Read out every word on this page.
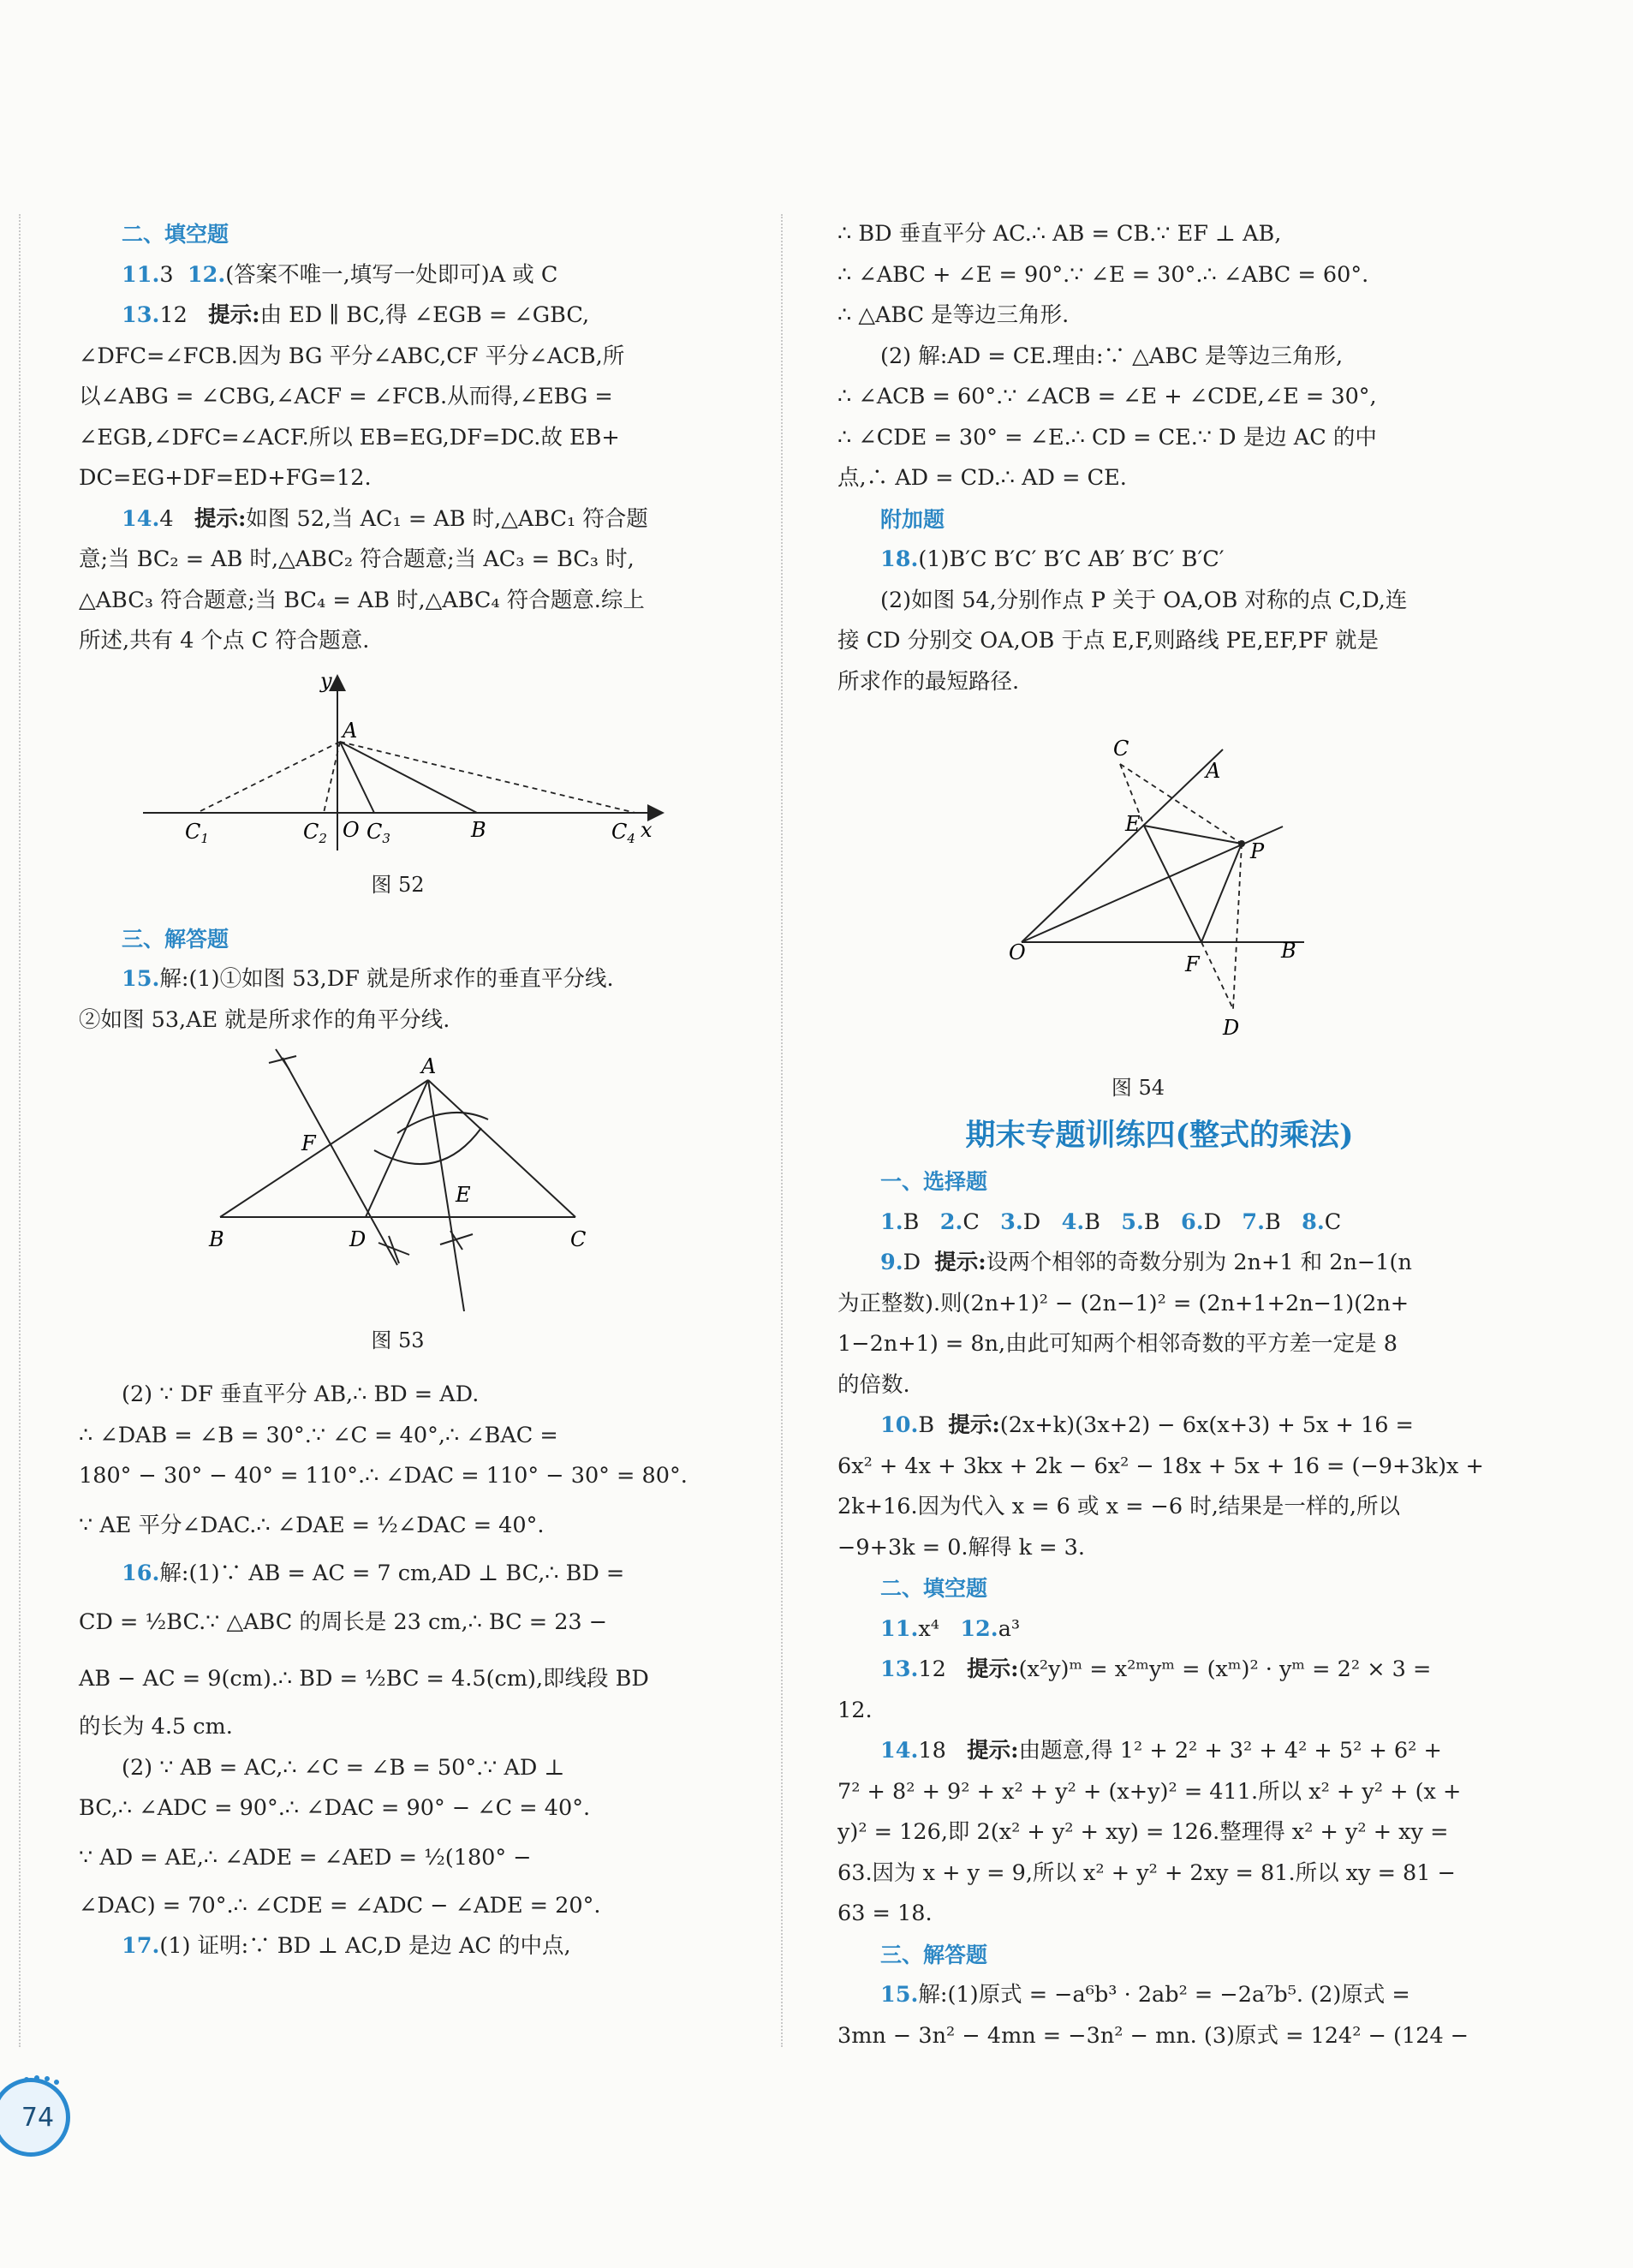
二、填空题

11.3 12.(答案不唯一,填写一处即可)A 或 C

13.12 提示:由 ED ∥ BC,得 ∠EGB = ∠GBC,

∠DFC=∠FCB.因为 BG 平分∠ABC,CF 平分∠ACB,所

以∠ABG = ∠CBG,∠ACF = ∠FCB.从而得,∠EBG =

∠EGB,∠DFC=∠ACF.所以 EB=EG,DF=DC.故 EB+

DC=EG+DF=ED+FG=12.

14.4 提示:如图 52,当 AC₁ = AB 时,△ABC₁ 符合题

意;当 BC₂ = AB 时,△ABC₂ 符合题意;当 AC₃ = BC₃ 时,

△ABC₃ 符合题意;当 BC₄ = AB 时,△ABC₄ 符合题意.综上

所述,共有 4 个点 C 符合题意.

y
A
$C_1$	$C_2$ O $C_3$	B	$C_4$ x

图 52

三、解答题

15.解:(1)①如图 53,DF 就是所求作的垂直平分线.

②如图 53,AE 就是所求作的角平分线.

A
F
B	D
E
C

图 53

(2) ∵ DF 垂直平分 AB,∴ BD = AD.

∴ ∠DAB = ∠B = 30°.∵ ∠C = 40°,∴ ∠BAC =

180° − 30° − 40° = 110°.∴ ∠DAC = 110° − 30° = 80°.

∵ AE 平分∠DAC.∴ ∠DAE = ½∠DAC = 40°.

16.解:(1)∵ AB = AC = 7 cm,AD ⊥ BC,∴ BD =

CD = ½BC.∵ △ABC 的周长是 23 cm,∴ BC = 23 −

AB − AC = 9(cm).∴ BD = ½BC = 4.5(cm),即线段 BD

的长为 4.5 cm.

(2) ∵ AB = AC,∴ ∠C = ∠B = 50°.∵ AD ⊥

BC,∴ ∠ADC = 90°.∴ ∠DAC = 90° − ∠C = 40°.

∵ AD = AE,∴ ∠ADE = ∠AED = ½(180° −

∠DAC) = 70°.∴ ∠CDE = ∠ADC − ∠ADE = 20°.

17.(1) 证明:∵ BD ⊥ AC,D 是边 AC 的中点,

∴ BD 垂直平分 AC.∴ AB = CB.∵ EF ⊥ AB,

∴ ∠ABC + ∠E = 90°.∵ ∠E = 30°.∴ ∠ABC = 60°.

∴ △ABC 是等边三角形.

(2) 解:AD = CE.理由:∵ △ABC 是等边三角形,

∴ ∠ACB = 60°.∵ ∠ACB = ∠E + ∠CDE,∠E = 30°,

∴ ∠CDE = 30° = ∠E.∴ CD = CE.∵ D 是边 AC 的中

点,∴ AD = CD.∴ AD = CE.

附加题

18.(1)B′C B′C′ B′C AB′ B′C′ B′C′

(2)如图 54,分别作点 P 关于 OA,OB 对称的点 C,D,连

接 CD 分别交 OA,OB 于点 E,F,则路线 PE,EF,PF 就是

所求作的最短路径.

C
A
E
P
O	F
B
D

图 54

期末专题训练四(整式的乘法)

一、选择题

1.B 2.C 3.D 4.B 5.B 6.D 7.B 8.C

9.D 提示:设两个相邻的奇数分别为 2n+1 和 2n−1(n

为正整数).则(2n+1)² − (2n−1)² = (2n+1+2n−1)(2n+

1−2n+1) = 8n,由此可知两个相邻奇数的平方差一定是 8

的倍数.

10.B 提示:(2x+k)(3x+2) − 6x(x+3) + 5x + 16 =

6x² + 4x + 3kx + 2k − 6x² − 18x + 5x + 16 = (−9+3k)x +

2k+16.因为代入 x = 6 或 x = −6 时,结果是一样的,所以

−9+3k = 0.解得 k = 3.

二、填空题

11.x⁴ 12.a³

13.12 提示:(x²y)ᵐ = x²ᵐyᵐ = (xᵐ)² · yᵐ = 2² × 3 =

12.

14.18 提示:由题意,得 1² + 2² + 3² + 4² + 5² + 6² +

7² + 8² + 9² + x² + y² + (x+y)² = 411.所以 x² + y² + (x +

y)² = 126,即 2(x² + y² + xy) = 126.整理得 x² + y² + xy =

63.因为 x + y = 9,所以 x² + y² + 2xy = 81.所以 xy = 81 −

63 = 18.

三、解答题

15.解:(1)原式 = −a⁶b³ · 2ab² = −2a⁷b⁵. (2)原式 =

3mn − 3n² − 4mn = −3n² − mn. (3)原式 = 124² − (124 −

74
